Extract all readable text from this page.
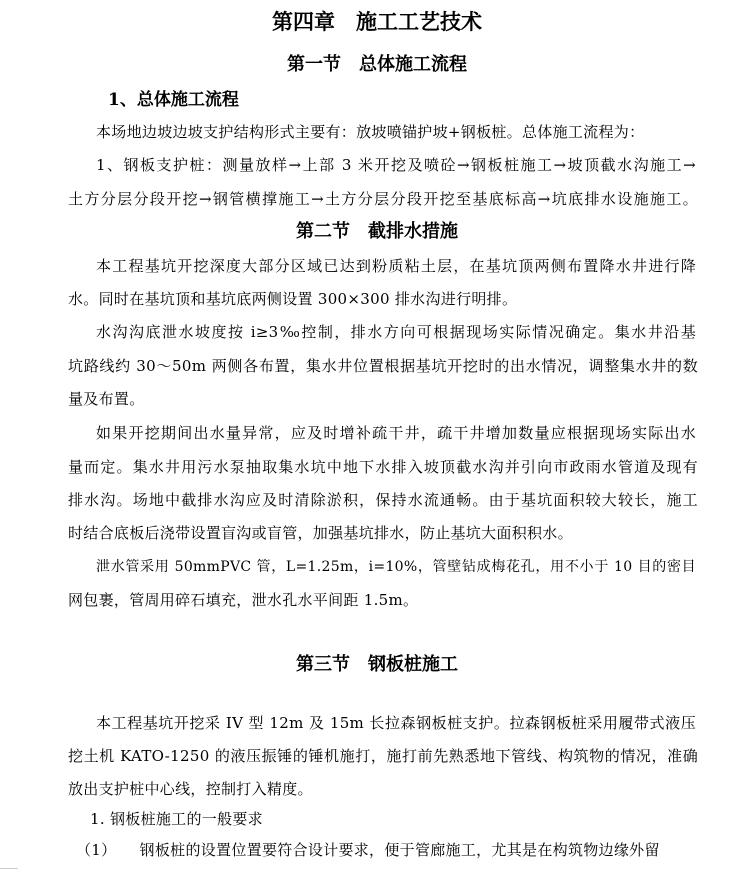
第四章　施工工艺技术
第一节　总体施工流程
1、总体施工流程
本场地边坡边坡支护结构形式主要有：放坡喷锚护坡+钢板桩。总体施工流程为：
1、钢板支护桩：测量放样→上部 3 米开挖及喷砼→钢板桩施工→坡顶截水沟施工→
土方分层分段开挖→钢管横撑施工→土方分层分段开挖至基底标高→坑底排水设施施工。
第二节　截排水措施
本工程基坑开挖深度大部分区域已达到粉质粘土层，在基坑顶两侧布置降水井进行降
水。同时在基坑顶和基坑底两侧设置 300×300 排水沟进行明排。
水沟沟底泄水坡度按 i≥3‰控制，排水方向可根据现场实际情况确定。集水井沿基
坑路线约 30～50m 两侧各布置，集水井位置根据基坑开挖时的出水情况，调整集水井的数
量及布置。
如果开挖期间出水量异常，应及时增补疏干井，疏干井增加数量应根据现场实际出水
量而定。集水井用污水泵抽取集水坑中地下水排入坡顶截水沟并引向市政雨水管道及现有
排水沟。场地中截排水沟应及时清除淤积，保持水流通畅。由于基坑面积较大较长，施工
时结合底板后浇带设置盲沟或盲管，加强基坑排水，防止基坑大面积积水。
泄水管采用 50mmPVC 管，L=1.25m，i=10%，管壁钻成梅花孔，用不小于 10 目的密目
网包裹，管周用碎石填充，泄水孔水平间距 1.5m。
第三节　钢板桩施工
本工程基坑开挖采 IV 型 12m 及 15m 长拉森钢板桩支护。拉森钢板桩采用履带式液压
挖土机 KATO-1250 的液压振锤的锤机施打，施打前先熟悉地下管线、构筑物的情况，准确
放出支护桩中心线，控制打入精度。
1. 钢板桩施工的一般要求
（1）　　钢板桩的设置位置要符合设计要求，便于管廊施工，尤其是在构筑物边缘外留
